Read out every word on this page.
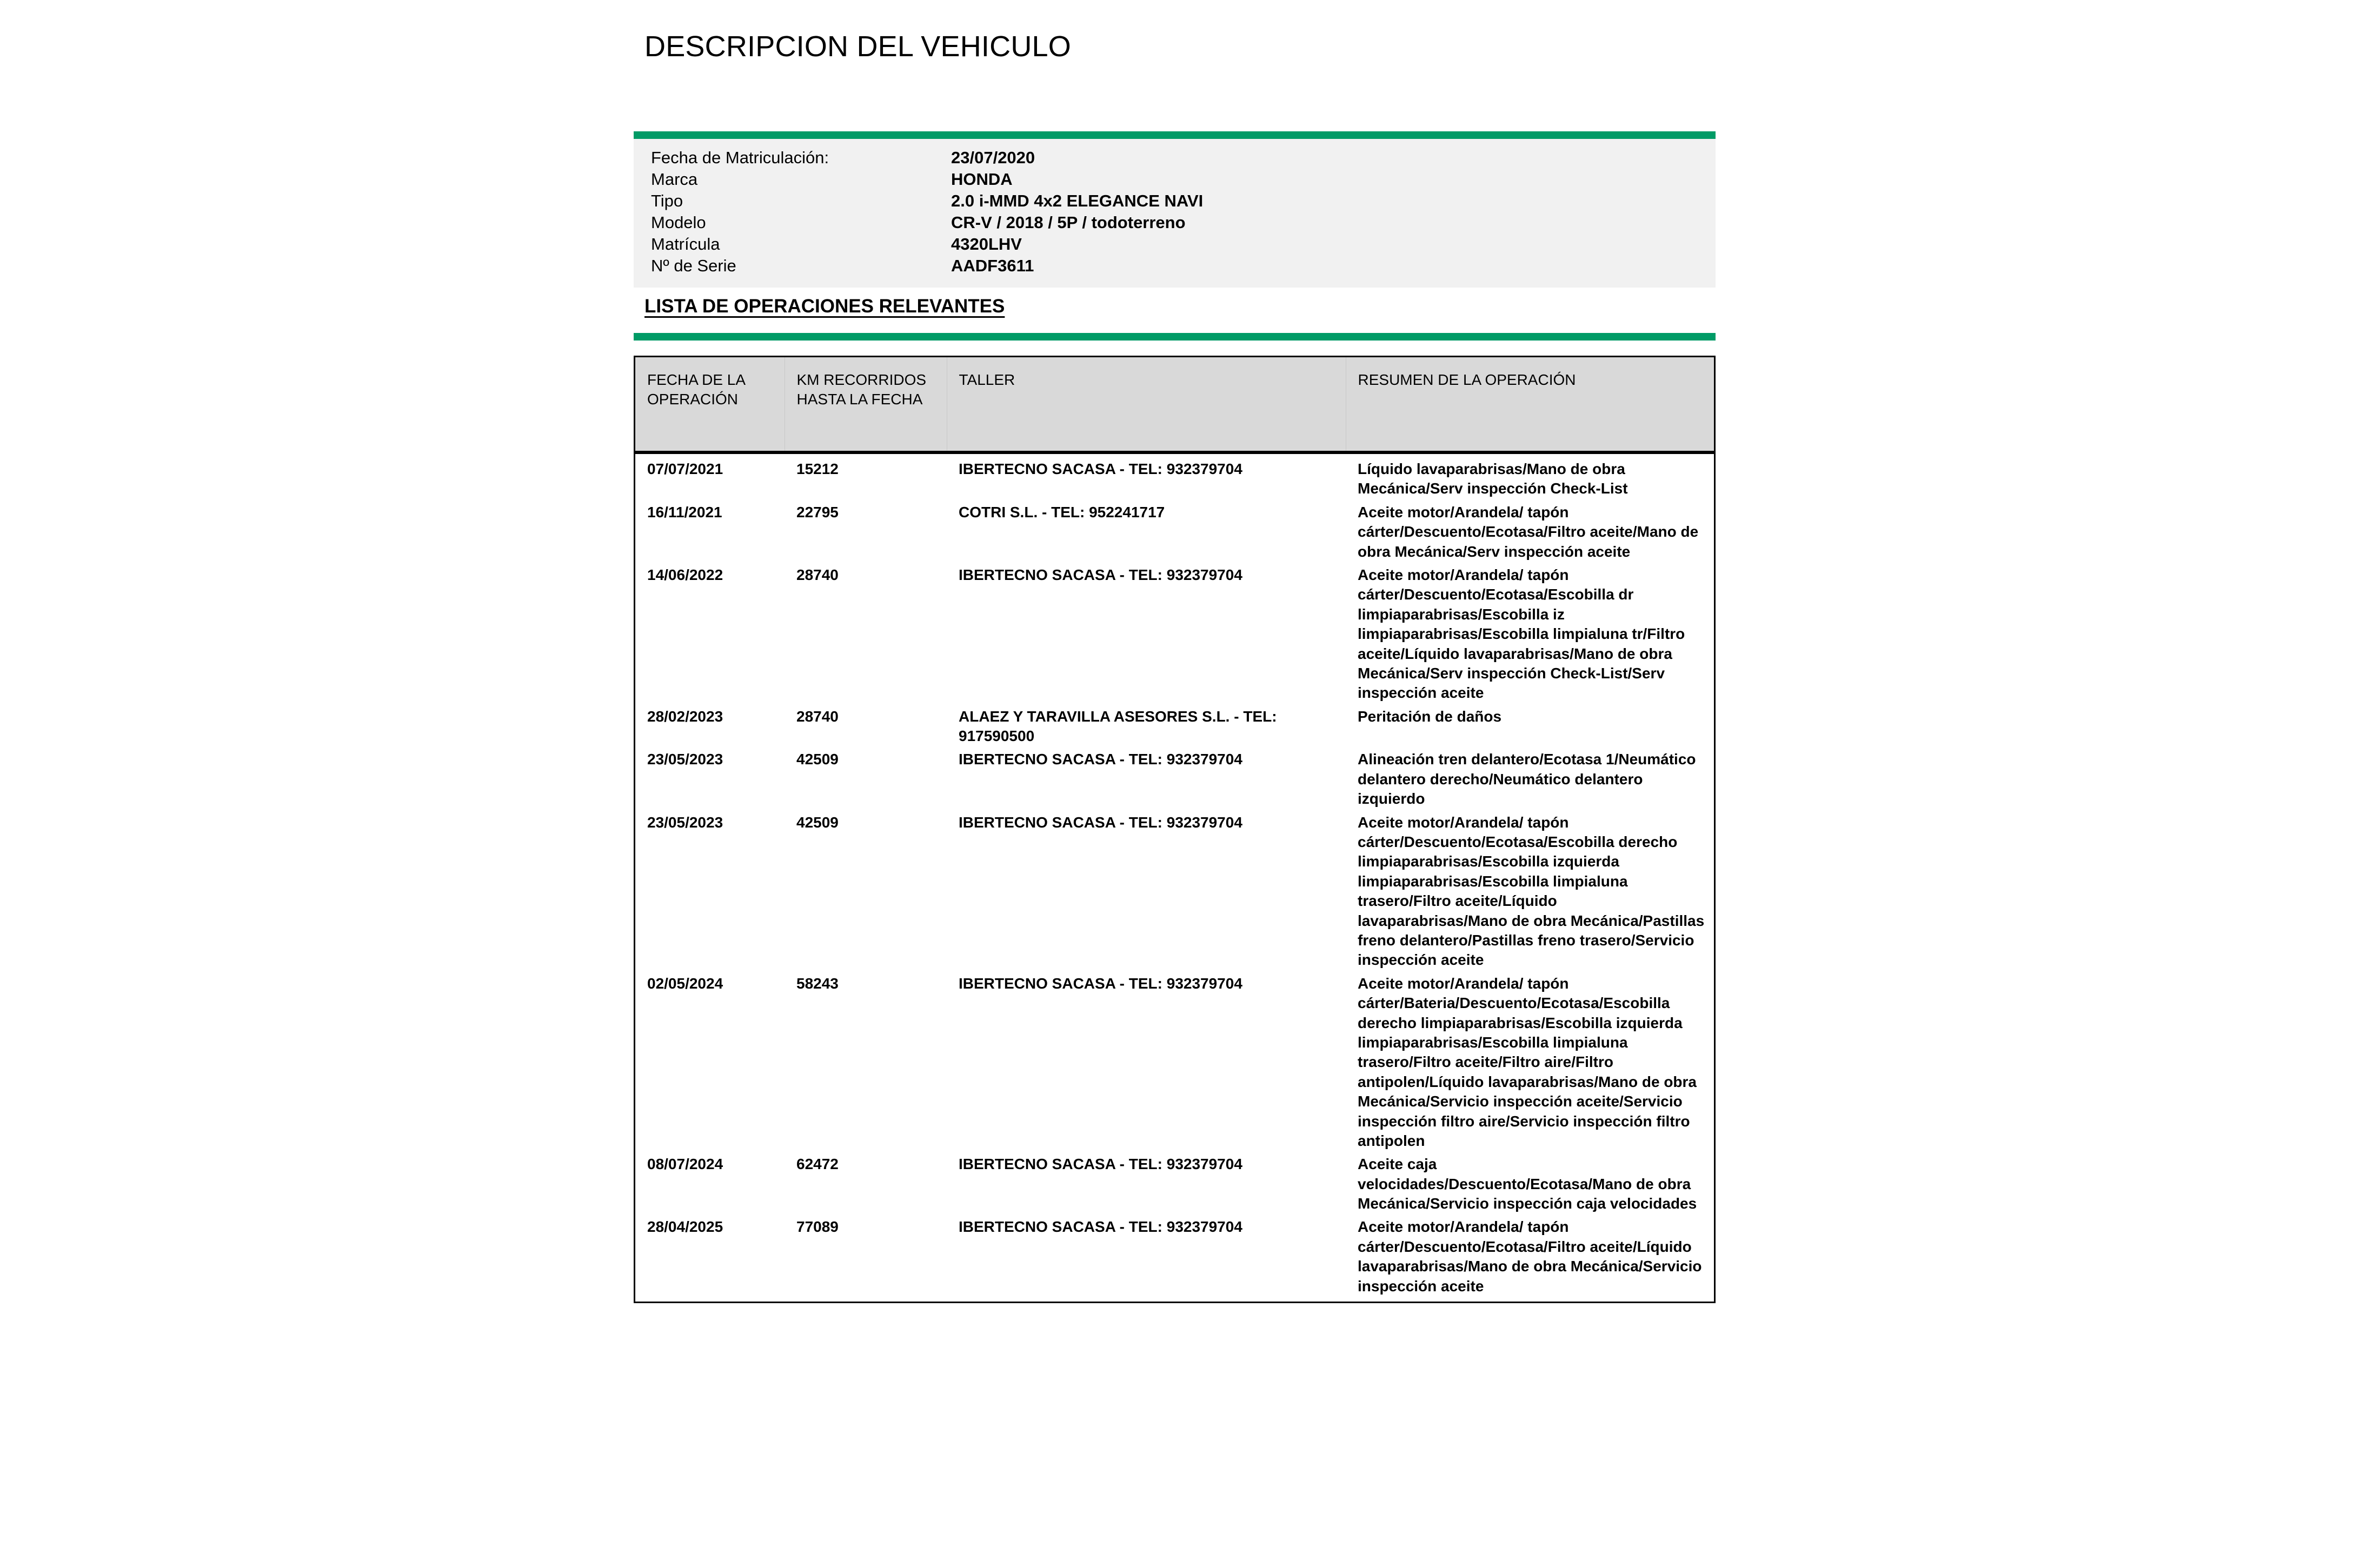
DESCRIPCION DEL VEHICULO
Fecha de Matriculación:	23/07/2020
Marca	HONDA
Tipo	2.0 i-MMD 4x2 ELEGANCE NAVI
Modelo	CR-V / 2018 / 5P / todoterreno
Matrícula	4320LHV
Nº de Serie	AADF3611
LISTA DE OPERACIONES RELEVANTES
FECHA DE LA OPERACIÓN	KM RECORRIDOS HASTA LA FECHA	TALLER	RESUMEN DE LA OPERACIÓN

07/07/2021	15212	IBERTECNO SACASA - TEL: 932379704	Líquido lavaparabrisas/Mano de obra Mecánica/Serv inspección Check-List
16/11/2021	22795	COTRI S.L. - TEL: 952241717	Aceite motor/Arandela/ tapón cárter/Descuento/Ecotasa/Filtro aceite/Mano de obra Mecánica/Serv inspección aceite
14/06/2022	28740	IBERTECNO SACASA - TEL: 932379704	Aceite motor/Arandela/ tapón cárter/Descuento/Ecotasa/Escobilla dr limpiaparabrisas/Escobilla iz limpiaparabrisas/Escobilla limpialuna tr/Filtro aceite/Líquido lavaparabrisas/Mano de obra Mecánica/Serv inspección Check-List/Serv inspección aceite
28/02/2023	28740	ALAEZ Y TARAVILLA ASESORES S.L. - TEL: 917590500	Peritación de daños
23/05/2023	42509	IBERTECNO SACASA - TEL: 932379704	Alineación tren delantero/Ecotasa 1/Neumático delantero derecho/Neumático delantero izquierdo
23/05/2023	42509	IBERTECNO SACASA - TEL: 932379704	Aceite motor/Arandela/ tapón cárter/Descuento/Ecotasa/Escobilla derecho limpiaparabrisas/Escobilla izquierda limpiaparabrisas/Escobilla limpialuna trasero/Filtro aceite/Líquido lavaparabrisas/Mano de obra Mecánica/Pastillas freno delantero/Pastillas freno trasero/Servicio inspección aceite
02/05/2024	58243	IBERTECNO SACASA - TEL: 932379704	Aceite motor/Arandela/ tapón cárter/Bateria/Descuento/Ecotasa/Escobilla derecho limpiaparabrisas/Escobilla izquierda limpiaparabrisas/Escobilla limpialuna trasero/Filtro aceite/Filtro aire/Filtro antipolen/Líquido lavaparabrisas/Mano de obra Mecánica/Servicio inspección aceite/Servicio inspección filtro aire/Servicio inspección filtro antipolen
08/07/2024	62472	IBERTECNO SACASA - TEL: 932379704	Aceite caja velocidades/Descuento/Ecotasa/Mano de obra Mecánica/Servicio inspección caja velocidades
28/04/2025	77089	IBERTECNO SACASA - TEL: 932379704	Aceite motor/Arandela/ tapón cárter/Descuento/Ecotasa/Filtro aceite/Líquido lavaparabrisas/Mano de obra Mecánica/Servicio inspección aceite
